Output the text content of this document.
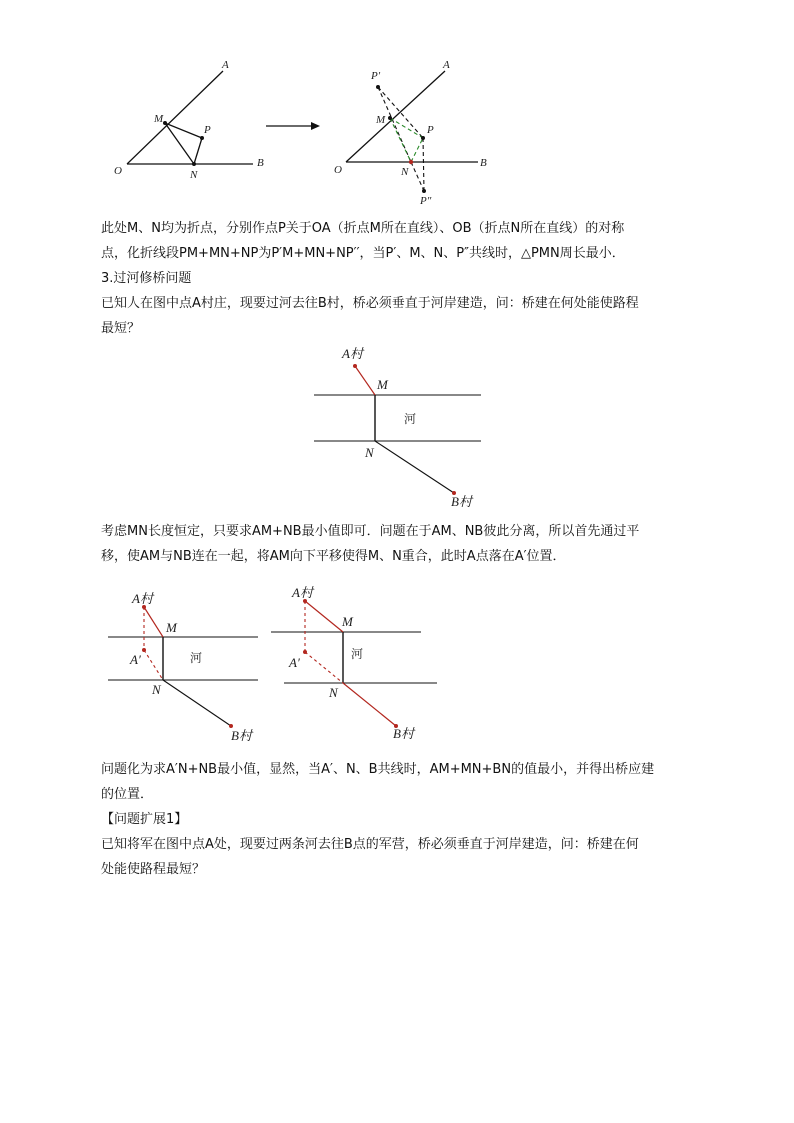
A
M
P
O	N
B
P′
A
M
P
O	N
B
P″
此处M、N均为折点，分别作点P关于OA（折点M所在直线）、OB（折点N所在直线）的对称
点，化折线段PM+MN+NP为P′M+MN+NP′′，当P′、M、N、P″共线时，△PMN周长最小．
3.过河修桥问题
已知人在图中点A村庄，现要过河去往B村，桥必须垂直于河岸建造，问：桥建在何处能使路程
最短？
A村
M
河
N
B村
考虑MN长度恒定，只要求AM+NB最小值即可．问题在于AM、NB彼此分离，所以首先通过平
移，使AM与NB连在一起，将AM向下平移使得M、N重合，此时A点落在A′位置．
A村
M
A′	河
N
B村
A村
M
A′
河
N
B村
问题化为求A′N+NB最小值，显然，当A′、N、B共线时，AM+MN+BN的值最小，并得出桥应建
的位置．
【问题扩展1】
已知将军在图中点A处，现要过两条河去往B点的军营，桥必须垂直于河岸建造，问：桥建在何
处能使路程最短？
